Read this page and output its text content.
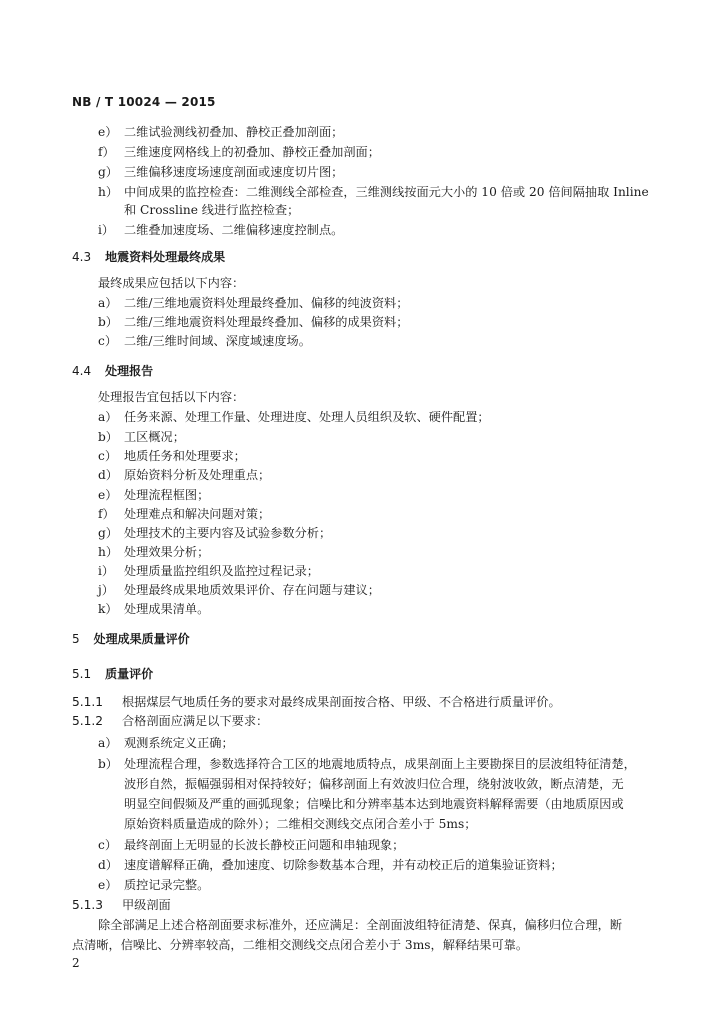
NB / T 10024 — 2015
e） 二维试验测线初叠加、静校正叠加剖面；
f） 三维速度网格线上的初叠加、静校正叠加剖面；
g） 三维偏移速度场速度剖面或速度切片图；
h） 中间成果的监控检查：二维测线全部检查，三维测线按面元大小的 10 倍或 20 倍间隔抽取 Inline
和 Crossline 线进行监控检查；
i） 二维叠加速度场、二维偏移速度控制点。
4.3 地震资料处理最终成果
最终成果应包括以下内容：
a） 二维/三维地震资料处理最终叠加、偏移的纯波资料；
b） 二维/三维地震资料处理最终叠加、偏移的成果资料；
c） 二维/三维时间域、深度域速度场。
4.4 处理报告
处理报告宜包括以下内容：
a） 任务来源、处理工作量、处理进度、处理人员组织及软、硬件配置；
b） 工区概况；
c） 地质任务和处理要求；
d） 原始资料分析及处理重点；
e） 处理流程框图；
f） 处理难点和解决问题对策；
g） 处理技术的主要内容及试验参数分析；
h） 处理效果分析；
i） 处理质量监控组织及监控过程记录；
j） 处理最终成果地质效果评价、存在问题与建议；
k） 处理成果清单。
5 处理成果质量评价
5.1 质量评价
5.1.1 根据煤层气地质任务的要求对最终成果剖面按合格、甲级、不合格进行质量评价。
5.1.2 合格剖面应满足以下要求：
a） 观测系统定义正确；
b） 处理流程合理，参数选择符合工区的地震地质特点，成果剖面上主要勘探目的层波组特征清楚，
波形自然，振幅强弱相对保持较好；偏移剖面上有效波归位合理，绕射波收敛，断点清楚，无
明显空间假频及严重的画弧现象；信噪比和分辨率基本达到地震资料解释需要（由地质原因或
原始资料质量造成的除外）；二维相交测线交点闭合差小于 5ms；
c） 最终剖面上无明显的长波长静校正问题和串轴现象；
d） 速度谱解释正确，叠加速度、切除参数基本合理，并有动校正后的道集验证资料；
e） 质控记录完整。
5.1.3 甲级剖面
除全部满足上述合格剖面要求标准外，还应满足：全剖面波组特征清楚、保真，偏移归位合理，断
点清晰，信噪比、分辨率较高，二维相交测线交点闭合差小于 3ms，解释结果可靠。
2
